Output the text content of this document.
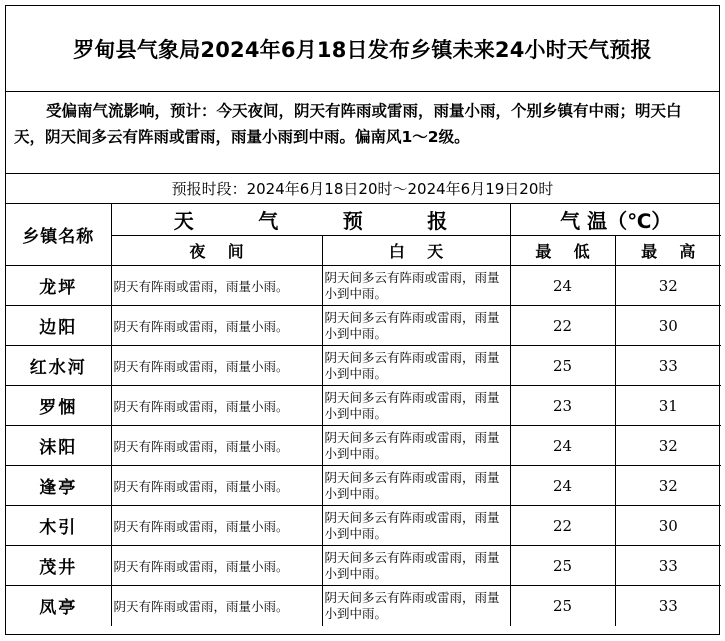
罗甸县气象局2024年6月18日发布乡镇未来24小时天气预报
受偏南气流影响，预计：今天夜间，阴天有阵雨或雷雨，雨量小雨，个别乡镇有中雨；明天白天，阴天间多云有阵雨或雷雨，雨量小雨到中雨。偏南风1～2级。
预报时段：2024年6月18日20时～2024年6月19日20时
乡镇名称	天 气 预 报		气 温（℃）	
	夜    间	白    天	最    低	最    高
龙坪	阴天有阵雨或雷雨，雨量小雨。	阴天间多云有阵雨或雷雨，雨量小到中雨。	24	32
边阳	阴天有阵雨或雷雨，雨量小雨。	阴天间多云有阵雨或雷雨，雨量小到中雨。	22	30
红水河	阴天有阵雨或雷雨，雨量小雨。	阴天间多云有阵雨或雷雨，雨量小到中雨。	25	33
罗悃	阴天有阵雨或雷雨，雨量小雨。	阴天间多云有阵雨或雷雨，雨量小到中雨。	23	31
沫阳	阴天有阵雨或雷雨，雨量小雨。	阴天间多云有阵雨或雷雨，雨量小到中雨。	24	32
逢亭	阴天有阵雨或雷雨，雨量小雨。	阴天间多云有阵雨或雷雨，雨量小到中雨。	24	32
木引	阴天有阵雨或雷雨，雨量小雨。	阴天间多云有阵雨或雷雨，雨量小到中雨。	22	30
茂井	阴天有阵雨或雷雨，雨量小雨。	阴天间多云有阵雨或雷雨，雨量小到中雨。	25	33
凤亭	阴天有阵雨或雷雨，雨量小雨。	阴天间多云有阵雨或雷雨，雨量小到中雨。	25	33
